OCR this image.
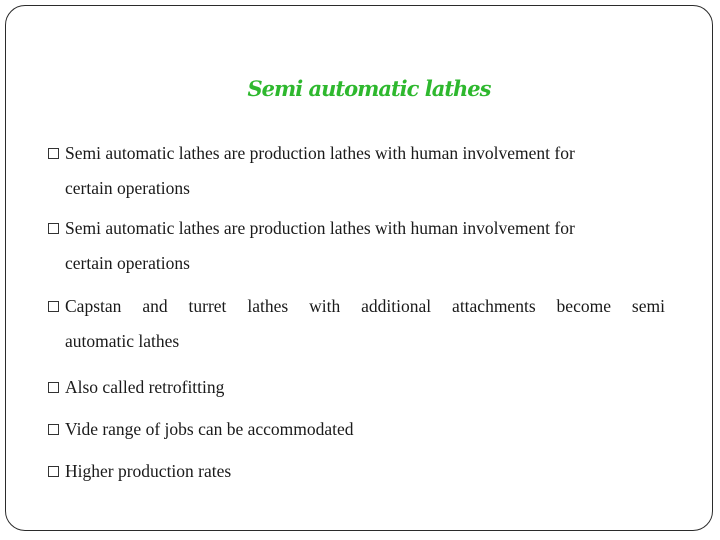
Semi automatic lathes
Semi automatic lathes are production lathes with human involvement for
certain operations
Semi automatic lathes are production lathes with human involvement for
certain operations
Capstan and turret lathes with additional attachments become semi
automatic lathes
Also called retrofitting
Vide range of jobs can be accommodated
Higher production rates
